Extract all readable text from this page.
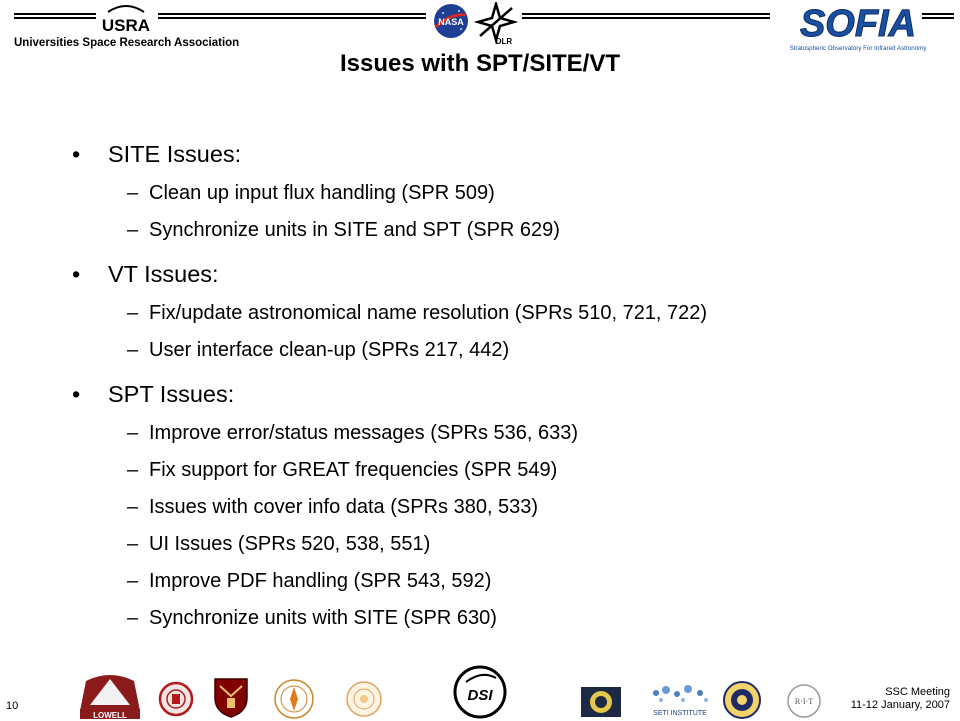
USRA
Universities Space Research Association
NASA
DLR	SOFIA
Stratospheric Observatory For Infrared Astronomy
Issues with SPT/SITE/VT
• SITE Issues:
– Clean up input flux handling (SPR 509)
– Synchronize units in SITE and SPT (SPR 629)
• VT Issues:
– Fix/update astronomical name resolution (SPRs 510, 721, 722)
– User interface clean-up (SPRs 217, 442)
• SPT Issues:
– Improve error/status messages (SPRs 536, 633)
– Fix support for GREAT frequencies (SPR 549)
– Issues with cover info data (SPRs 380, 533)
– UI Issues (SPRs 520, 538, 551)
– Improve PDF handling (SPR 543, 592)
– Synchronize units with SITE (SPR 630)
10
LOWELL
DSI
SETI INSTITUTE
R·I·T
SSC Meeting
11-12 January, 2007
